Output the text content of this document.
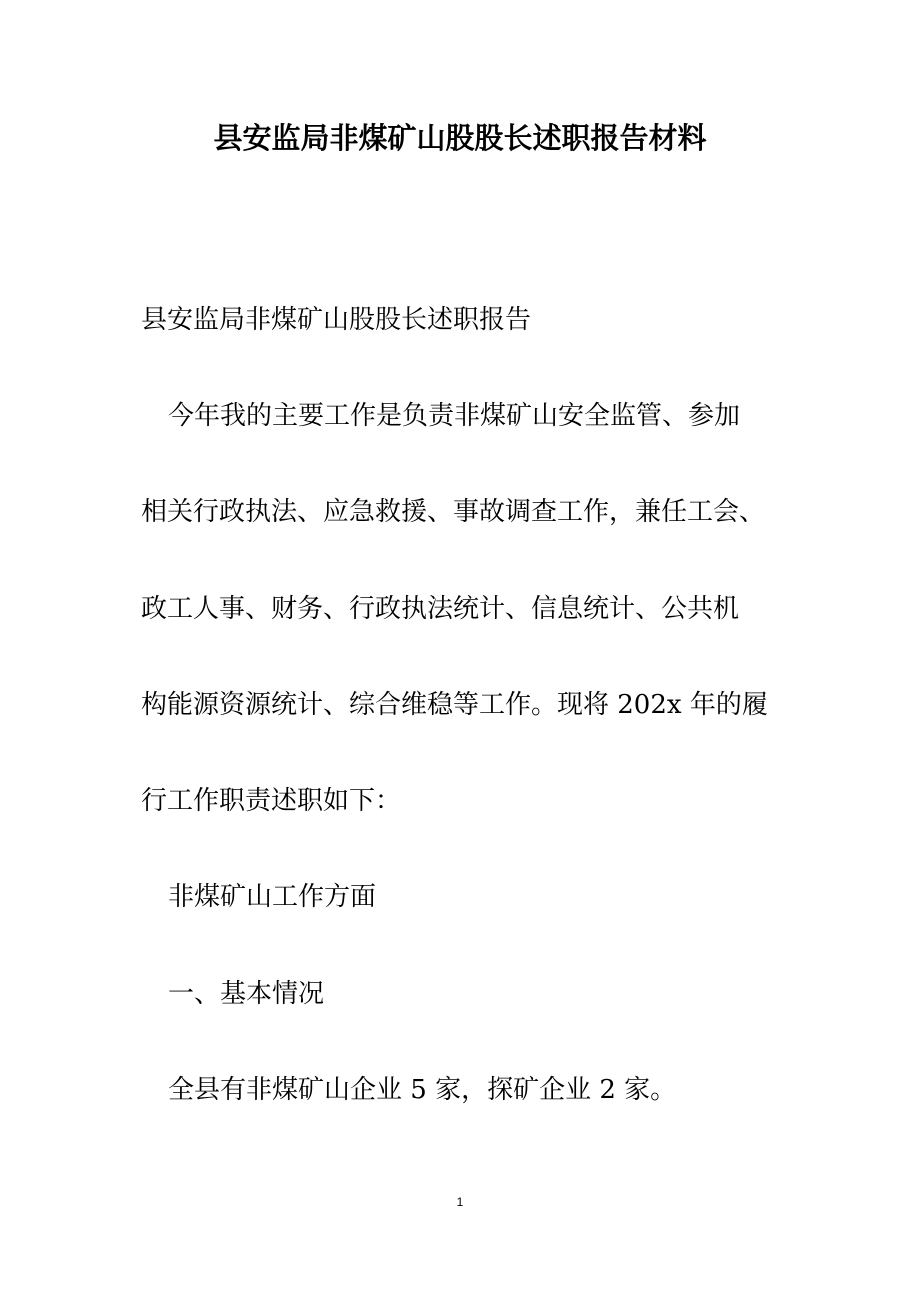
县安监局非煤矿山股股长述职报告材料
县安监局非煤矿山股股长述职报告
今年我的主要工作是负责非煤矿山安全监管、参加
相关行政执法、应急救援、事故调查工作，兼任工会、
政工人事、财务、行政执法统计、信息统计、公共机
构能源资源统计、综合维稳等工作。现将 202x 年的履
行工作职责述职如下：
非煤矿山工作方面
一、基本情况
全县有非煤矿山企业 5 家，探矿企业 2 家。
1
